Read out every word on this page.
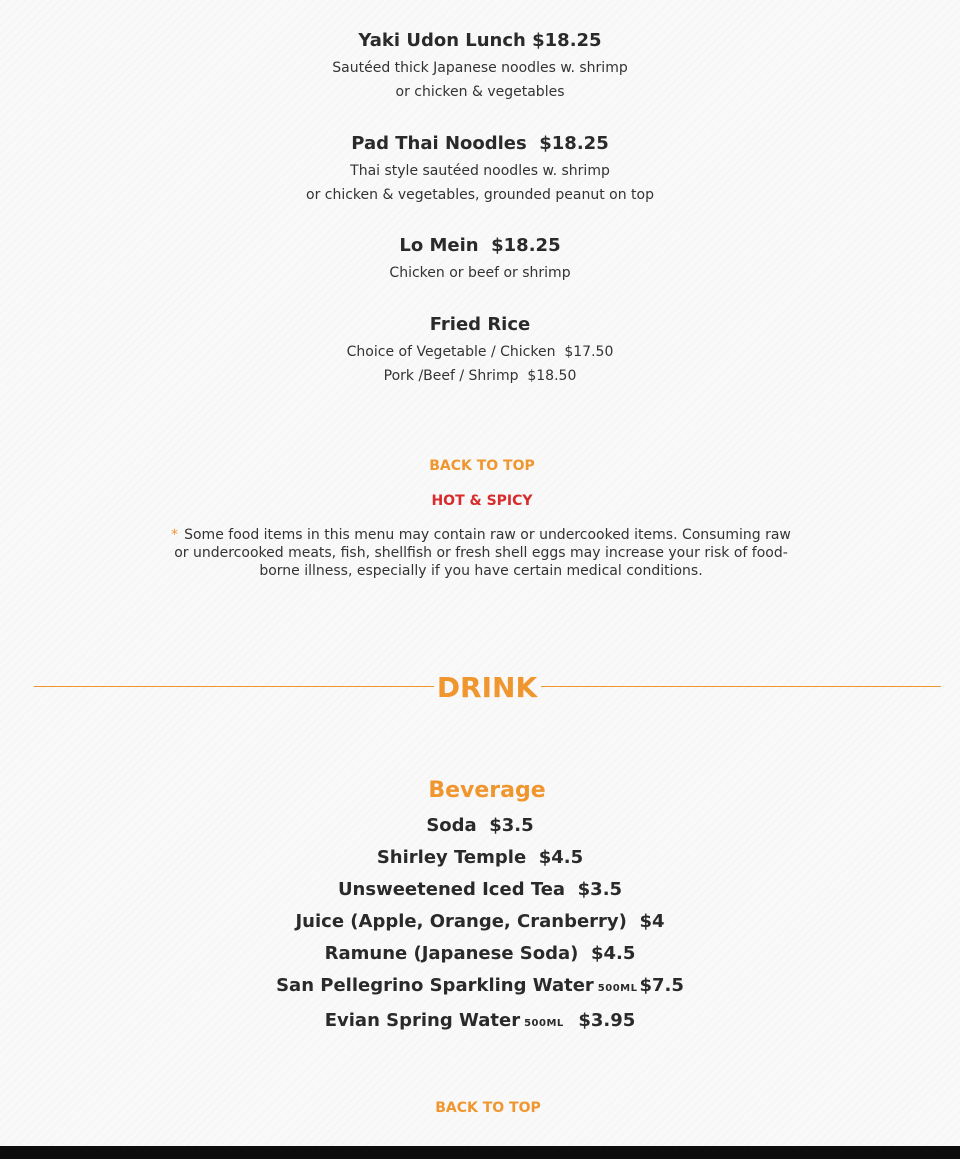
Yaki Udon Lunch $18.25
Sautéed thick Japanese noodles w. shrimp
or chicken & vegetables
Pad Thai Noodles  $18.25
Thai style sautéed noodles w. shrimp
or chicken & vegetables, grounded peanut on top
Lo Mein  $18.25
Chicken or beef or shrimp
Fried Rice
Choice of Vegetable / Chicken  $17.50
Pork /Beef / Shrimp  $18.50
BACK TO TOP
HOT & SPICY
* Some food items in this menu may contain raw or undercooked items. Consuming raw or undercooked meats, fish, shellfish or fresh shell eggs may increase your risk of food-borne illness, especially if you have certain medical conditions.
DRINK
Beverage
Soda $3.5
Shirley Temple $4.5
Unsweetened Iced Tea $3.5
Juice (Apple, Orange, Cranberry) $4
Ramune (Japanese Soda) $4.5
San Pellegrino Sparkling Water 500ML $7.5
Evian Spring Water 500ML $3.95
BACK TO TOP
